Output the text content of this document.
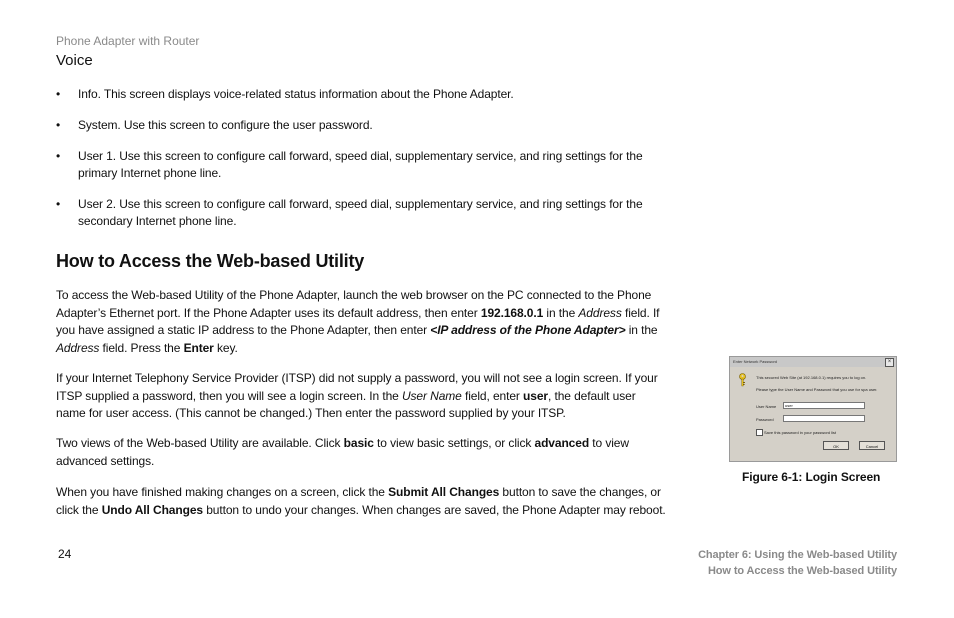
Phone Adapter with Router
Voice
• Info. This screen displays voice-related status information about the Phone Adapter.
• System. Use this screen to configure the user password.
• User 1. Use this screen to configure call forward, speed dial, supplementary service, and ring settings for the primary Internet phone line.
• User 2. Use this screen to configure call forward, speed dial, supplementary service, and ring settings for the secondary Internet phone line.
How to Access the Web-based Utility

To access the Web-based Utility of the Phone Adapter, launch the web browser on the PC connected to the Phone Adapter’s Ethernet port. If the Phone Adapter uses its default address, then enter 192.168.0.1 in the Address field. If you have assigned a static IP address to the Phone Adapter, then enter <IP address of the Phone Adapter> in the Address field. Press the Enter key.

If your Internet Telephony Service Provider (ITSP) did not supply a password, you will not see a login screen. If your ITSP supplied a password, then you will see a login screen. In the User Name field, enter user, the default user name for user access. (This cannot be changed.) Then enter the password supplied by your ITSP.

Two views of the Web-based Utility are available. Click basic to view basic settings, or click advanced to view advanced settings.

When you have finished making changes on a screen, click the Submit All Changes button to save the changes, or click the Undo All Changes button to undo your changes. When changes are saved, the Phone Adapter may reboot.

Enter Network Password	×
This secured Web Site (at 192.168.0.1) requires you to log on.
Please type the User Name and Password that you use for spa user.
User Name	user
Password
Save this password in your password list
OK	Cancel
Figure 6-1: Login Screen
24	Chapter 6: Using the Web-based Utility
How to Access the Web-based Utility
